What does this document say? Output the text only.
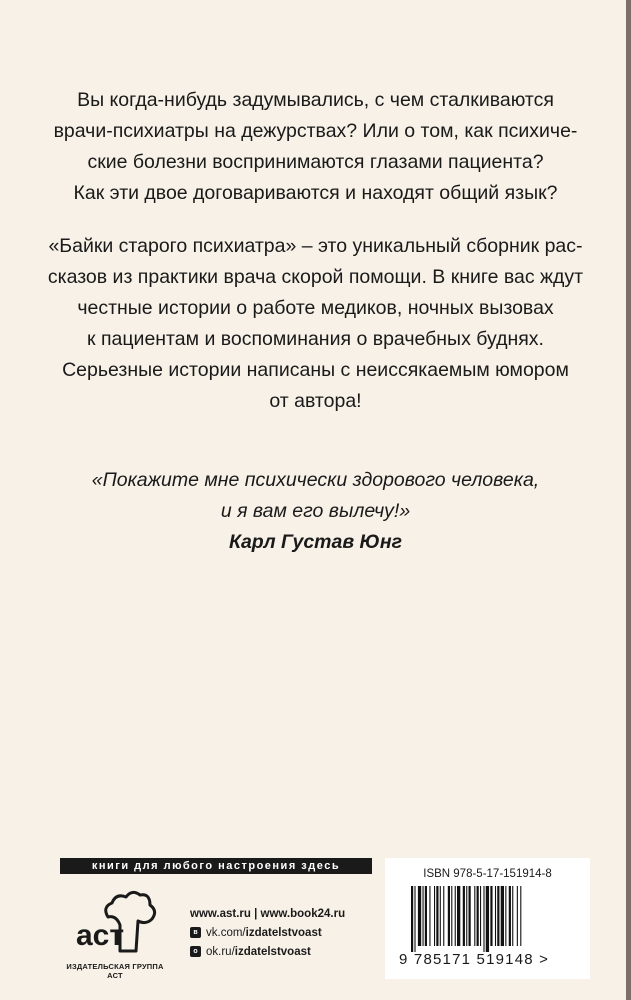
Вы когда-нибудь задумывались, с чем сталкиваются
врачи-психиатры на дежурствах? Или о том, как психиче-
ские болезни воспринимаются глазами пациента?
Как эти двое договариваются и находят общий язык?
«Байки старого психиатра» – это уникальный сборник рас-
сказов из практики врача скорой помощи. В книге вас ждут
честные истории о работе медиков, ночных вызовах
к пациентам и воспоминания о врачебных буднях.
Серьезные истории написаны с неиссякаемым юмором
от автора!
«Покажите мне психически здорового человека,
и я вам его вылечу!»
Карл Густав Юнг
книги для любого настроения здесь
аст
ИЗДАТЕЛЬСКАЯ ГРУППА АСТ
www.ast.ru | www.book24.ru
в vk.com/ izdatelstvoast
o ok.ru/ izdatelstvoast
ISBN 978-5-17-151914-8
9 785171 519148 >
